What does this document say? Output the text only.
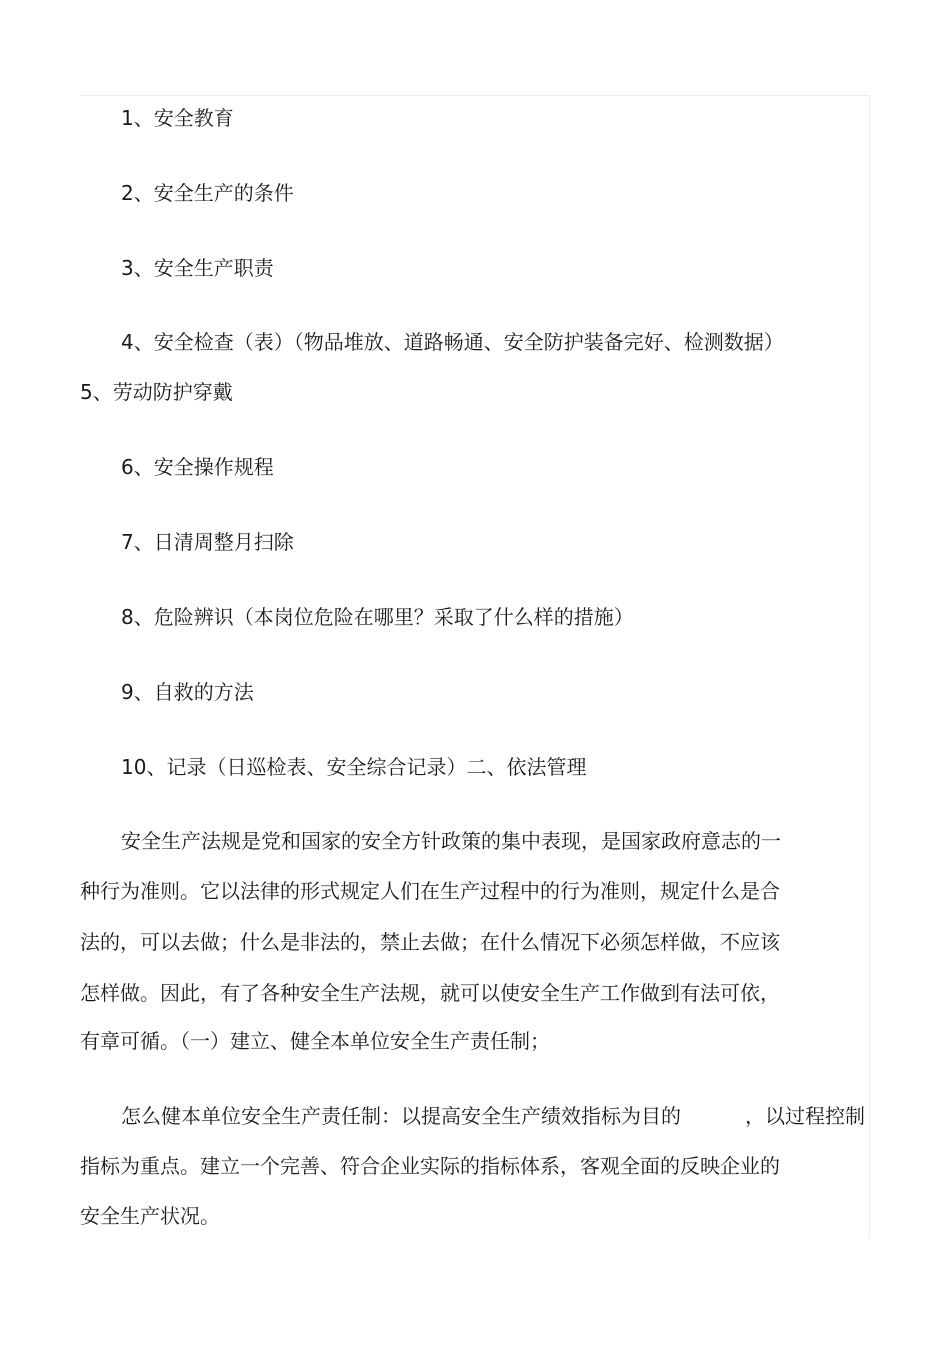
1、安全教育
2、安全生产的条件
3、安全生产职责
4、安全检查（表）（物品堆放、道路畅通、安全防护装备完好、检测数据）
5、劳动防护穿戴
6、安全操作规程
7、日清周整月扫除
8、危险辨识（本岗位危险在哪里？采取了什么样的措施）
9、自救的方法
10、记录（日巡检表、安全综合记录）二、依法管理
安全生产法规是党和国家的安全方针政策的集中表现，是国家政府意志的一
种行为准则。它以法律的形式规定人们在生产过程中的行为准则，规定什么是合
法的，可以去做；什么是非法的，禁止去做；在什么情况下必须怎样做，不应该
怎样做。因此，有了各种安全生产法规，就可以使安全生产工作做到有法可依，
有章可循。（一）建立、健全本单位安全生产责任制；
怎么健本单位安全生产责任制：以提高安全生产绩效指标为目的	，以过程控制
指标为重点。建立一个完善、符合企业实际的指标体系，客观全面的反映企业的
安全生产状况。
